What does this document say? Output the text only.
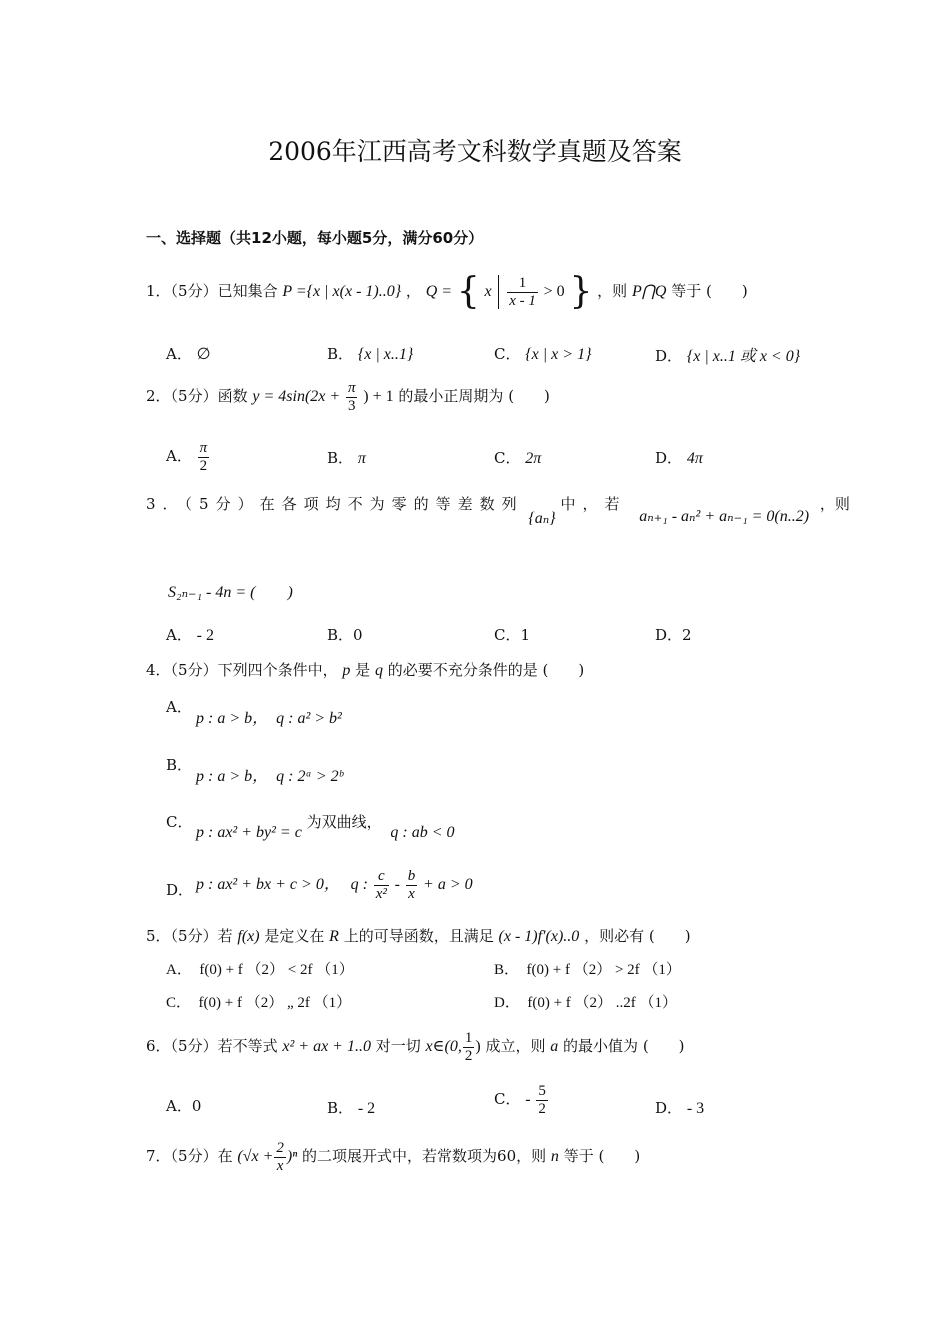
2006年江西高考文科数学真题及答案
一、选择题（共12小题，每小题5分，满分60分）
1．（5分）已知集合 P ={x | x(x - 1)..0} ， Q = { x $\frac{1}{x - 1} > 0$ } ，则 P⋂Q 等于 (　　)
A． ∅	B． {x | x..1}	C． {x | x > 1}	D． {x | x..1 或 x < 0}
2．（5分）函数 $y = 4\sin(2x + \frac{\pi}{3}$ ) + 1 的最小正周期为 (　　)
A． $\frac{\pi}{2}$	B． π	C． 2π	D． 4π
3．（5分）在各项均不为零的等差数列 {aₙ} 中，若 aₙ₊₁ - aₙ² + aₙ₋₁ = 0(n..2) ，则
S₂ₙ₋₁ - 4n = (　　)
A． - 2	B．0	C．1	D．2
4．（5分）下列四个条件中， p 是 q 的必要不充分条件的是 (　　)
A．
p : a > b，　q : a² > b²
B．
p : a > b，　q : 2ᵃ > 2ᵇ
C．
p : ax² + by² = c 为双曲线， q : ab < 0
D． p : ax² + bx + c > 0， q : $\frac{c}{\text{x²}} - \frac{b}{x} + a > 0$
5．（5分）若 f(x) 是定义在 R 上的可导函数，且满足 (x - 1)f′(x)..0 ，则必有 (　　)
A．　f(0) + f （2） < 2f （1）	B．　f(0) + f （2） > 2f （1）
C．　f(0) + f （2） „ 2f （1）	D．　f(0) + f （2） ..2f （1）
6．（5分）若不等式 x² + ax + 1..0 对一切 x∈(0, $\frac{1}{2}$ ) 成立，则 a 的最小值为 (　　)
A．0	B． - 2
C． - $\frac{5}{2}$	D． - 3
7．（5分）在 $(√x + \frac{2}{x} )^n$ 的二项展开式中，若常数项为60，则 n 等于 (　　)
